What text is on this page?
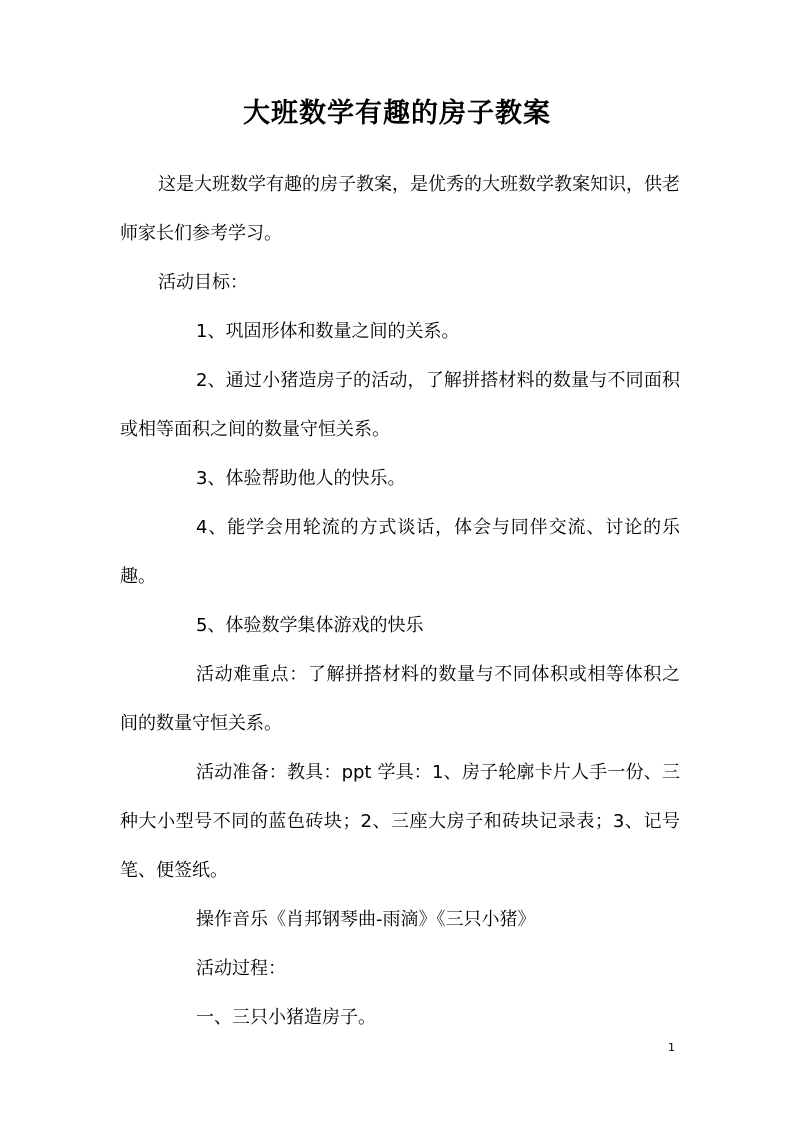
大班数学有趣的房子教案

这是大班数学有趣的房子教案，是优秀的大班数学教案知识，供老师家长们参考学习。

活动目标：

1、巩固形体和数量之间的关系。

2、通过小猪造房子的活动，了解拼搭材料的数量与不同面积或相等面积之间的数量守恒关系。

3、体验帮助他人的快乐。

4、能学会用轮流的方式谈话，体会与同伴交流、讨论的乐趣。

5、体验数学集体游戏的快乐

活动难重点：了解拼搭材料的数量与不同体积或相等体积之间的数量守恒关系。

活动准备：教具：ppt 学具：1、房子轮廓卡片人手一份、三种大小型号不同的蓝色砖块；2、三座大房子和砖块记录表；3、记号笔、便签纸。

操作音乐《肖邦钢琴曲-雨滴》《三只小猪》

活动过程：

一、三只小猪造房子。

1
